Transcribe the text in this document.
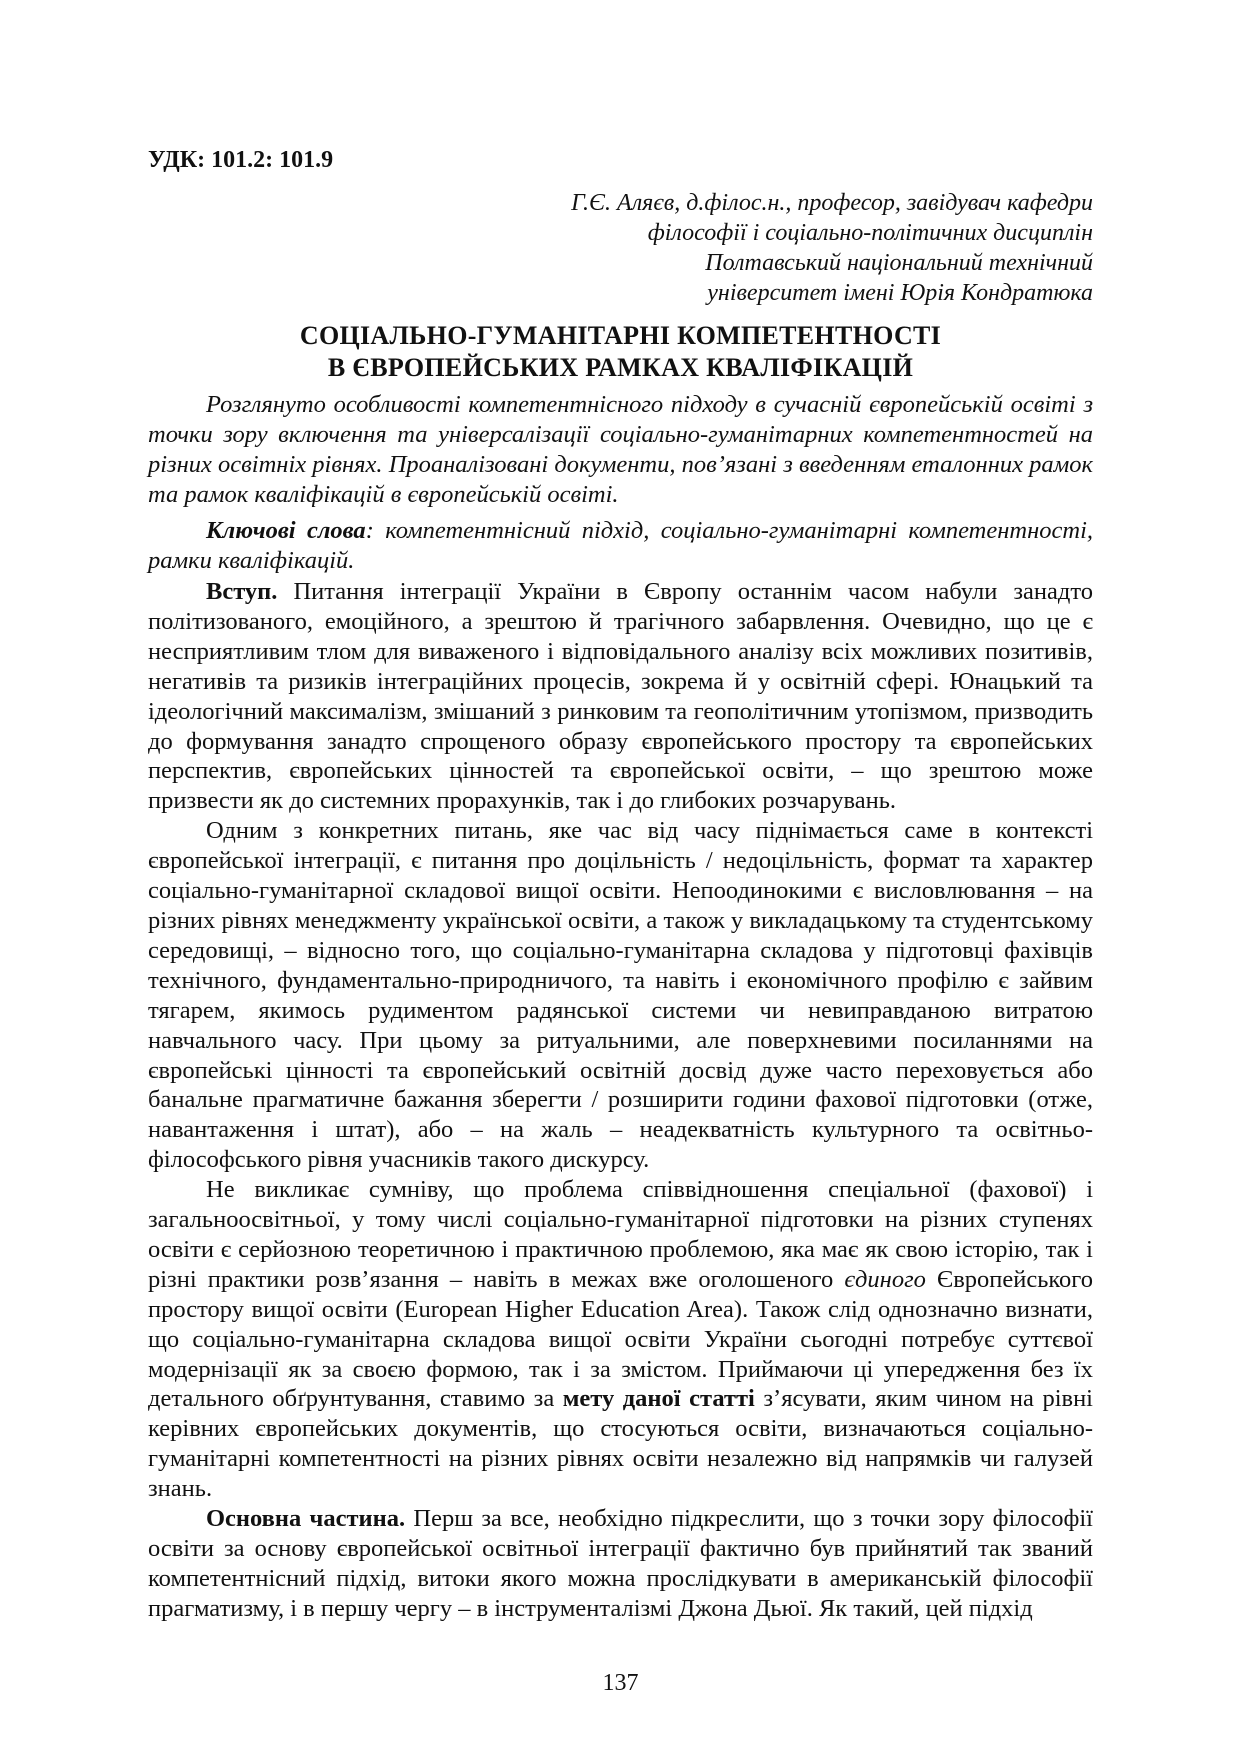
УДК: 101.2: 101.9
Г.Є. Аляєв, д.філос.н., професор, завідувач кафедри
філософії і соціально-політичних дисциплін
Полтавський національний технічний
університет імені Юрія Кондратюка
СОЦІАЛЬНО-ГУМАНІТАРНІ КОМПЕТЕНТНОСТІ
В ЄВРОПЕЙСЬКИХ РАМКАХ КВАЛІФІКАЦІЙ

Розглянуто особливості компетентнісного підходу в сучасній європейській освіті з точки зору включення та універсалізації соціально-гуманітарних компетентностей на різних освітніх рівнях. Проаналізовані документи, пов’язані з введенням еталонних рамок та рамок кваліфікацій в європейській освіті.

Ключові слова: компетентнісний підхід, соціально-гуманітарні компетентності, рамки кваліфікацій.

Вступ. Питання інтеграції України в Європу останнім часом набули занадто політизованого, емоційного, а зрештою й трагічного забарвлення. Очевидно, що це є несприятливим тлом для виваженого і відповідального аналізу всіх можливих позитивів, негативів та ризиків інтеграційних процесів, зокрема й у освітній сфері. Юнацький та ідеологічний максималізм, змішаний з ринковим та геополітичним утопізмом, призводить до формування занадто спрощеного образу європейського простору та європейських перспектив, європейських цінностей та європейської освіти, – що зрештою може призвести як до системних прорахунків, так і до глибоких розчарувань.

Одним з конкретних питань, яке час від часу піднімається саме в контексті європейської інтеграції, є питання про доцільність / недоцільність, формат та характер соціально-гуманітарної складової вищої освіти. Непоодинокими є висловлювання – на різних рівнях менеджменту української освіти, а також у викладацькому та студентському середовищі, – відносно того, що соціально-гуманітарна складова у підготовці фахівців технічного, фундаментально-природничого, та навіть і економічного профілю є зайвим тягарем, якимось рудиментом радянської системи чи невиправданою витратою навчального часу. При цьому за ритуальними, але поверхневими посиланнями на європейські цінності та європейський освітній досвід дуже часто переховується або банальне прагматичне бажання зберегти / розширити години фахової підготовки (отже, навантаження і штат), або – на жаль – неадекватність культурного та освітньо-філософського рівня учасників такого дискурсу.

Не викликає сумніву, що проблема співвідношення спеціальної (фахової) і загальноосвітньої, у тому числі соціально-гуманітарної підготовки на різних ступенях освіти є серйозною теоретичною і практичною проблемою, яка має як свою історію, так і різні практики розв’язання – навіть в межах вже оголошеного єдиного Європейського простору вищої освіти (European Higher Education Area). Також слід однозначно визнати, що соціально-гуманітарна складова вищої освіти України сьогодні потребує суттєвої модернізації як за своєю формою, так і за змістом. Приймаючи ці упередження без їх детального обґрунтування, ставимо за мету даної статті з’ясувати, яким чином на рівні керівних європейських документів, що стосуються освіти, визначаються соціально-гуманітарні компетентності на різних рівнях освіти незалежно від напрямків чи галузей знань.

Основна частина. Перш за все, необхідно підкреслити, що з точки зору філософії освіти за основу європейської освітньої інтеграції фактично був прийнятий так званий компетентнісний підхід, витоки якого можна прослідкувати в американській філософії прагматизму, і в першу чергу – в інструменталізмі Джона Дьюї. Як такий, цей підхід

137
